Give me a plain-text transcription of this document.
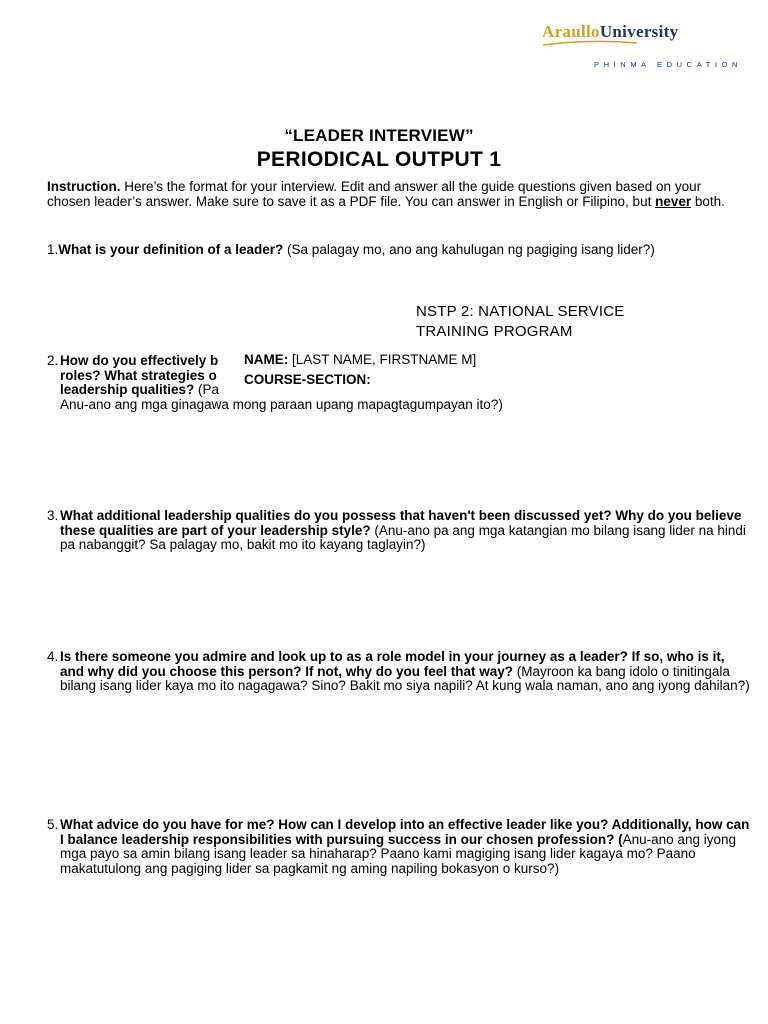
AraulloUniversity
PHINMA EDUCATION
“LEADER INTERVIEW”
PERIODICAL OUTPUT 1
Instruction. Here’s the format for your interview. Edit and answer all the guide questions given based on your chosen leader’s answer. Make sure to save it as a PDF file. You can answer in English or Filipino, but never both.
1.What is your definition of a leader? (Sa palagay mo, ano ang kahulugan ng pagiging isang lider?)
NSTP 2: NATIONAL SERVICE
TRAINING PROGRAM
2. How do you effectively b
roles? What strategies o
leadership qualities? (Pa
Anu-ano ang mga ginagawa mong paraan upang mapagtagumpayan ito?)
NAME: [LAST NAME, FIRSTNAME M]
COURSE-SECTION:
3. What additional leadership qualities do you possess that haven't been discussed yet? Why do you believe these qualities are part of your leadership style? (Anu-ano pa ang mga katangian mo bilang isang lider na hindi pa nabanggit? Sa palagay mo, bakit mo ito kayang taglayin?)
4. Is there someone you admire and look up to as a role model in your journey as a leader? If so, who is it, and why did you choose this person? If not, why do you feel that way? (Mayroon ka bang idolo o tinitingala bilang isang lider kaya mo ito nagagawa? Sino? Bakit mo siya napili? At kung wala naman, ano ang iyong dahilan?)
5. What advice do you have for me? How can I develop into an effective leader like you? Additionally, how can I balance leadership responsibilities with pursuing success in our chosen profession? (Anu-ano ang iyong mga payo sa amin bilang isang leader sa hinaharap? Paano kami magiging isang lider kagaya mo? Paano makatutulong ang pagiging lider sa pagkamit ng aming napiling bokasyon o kurso?)
